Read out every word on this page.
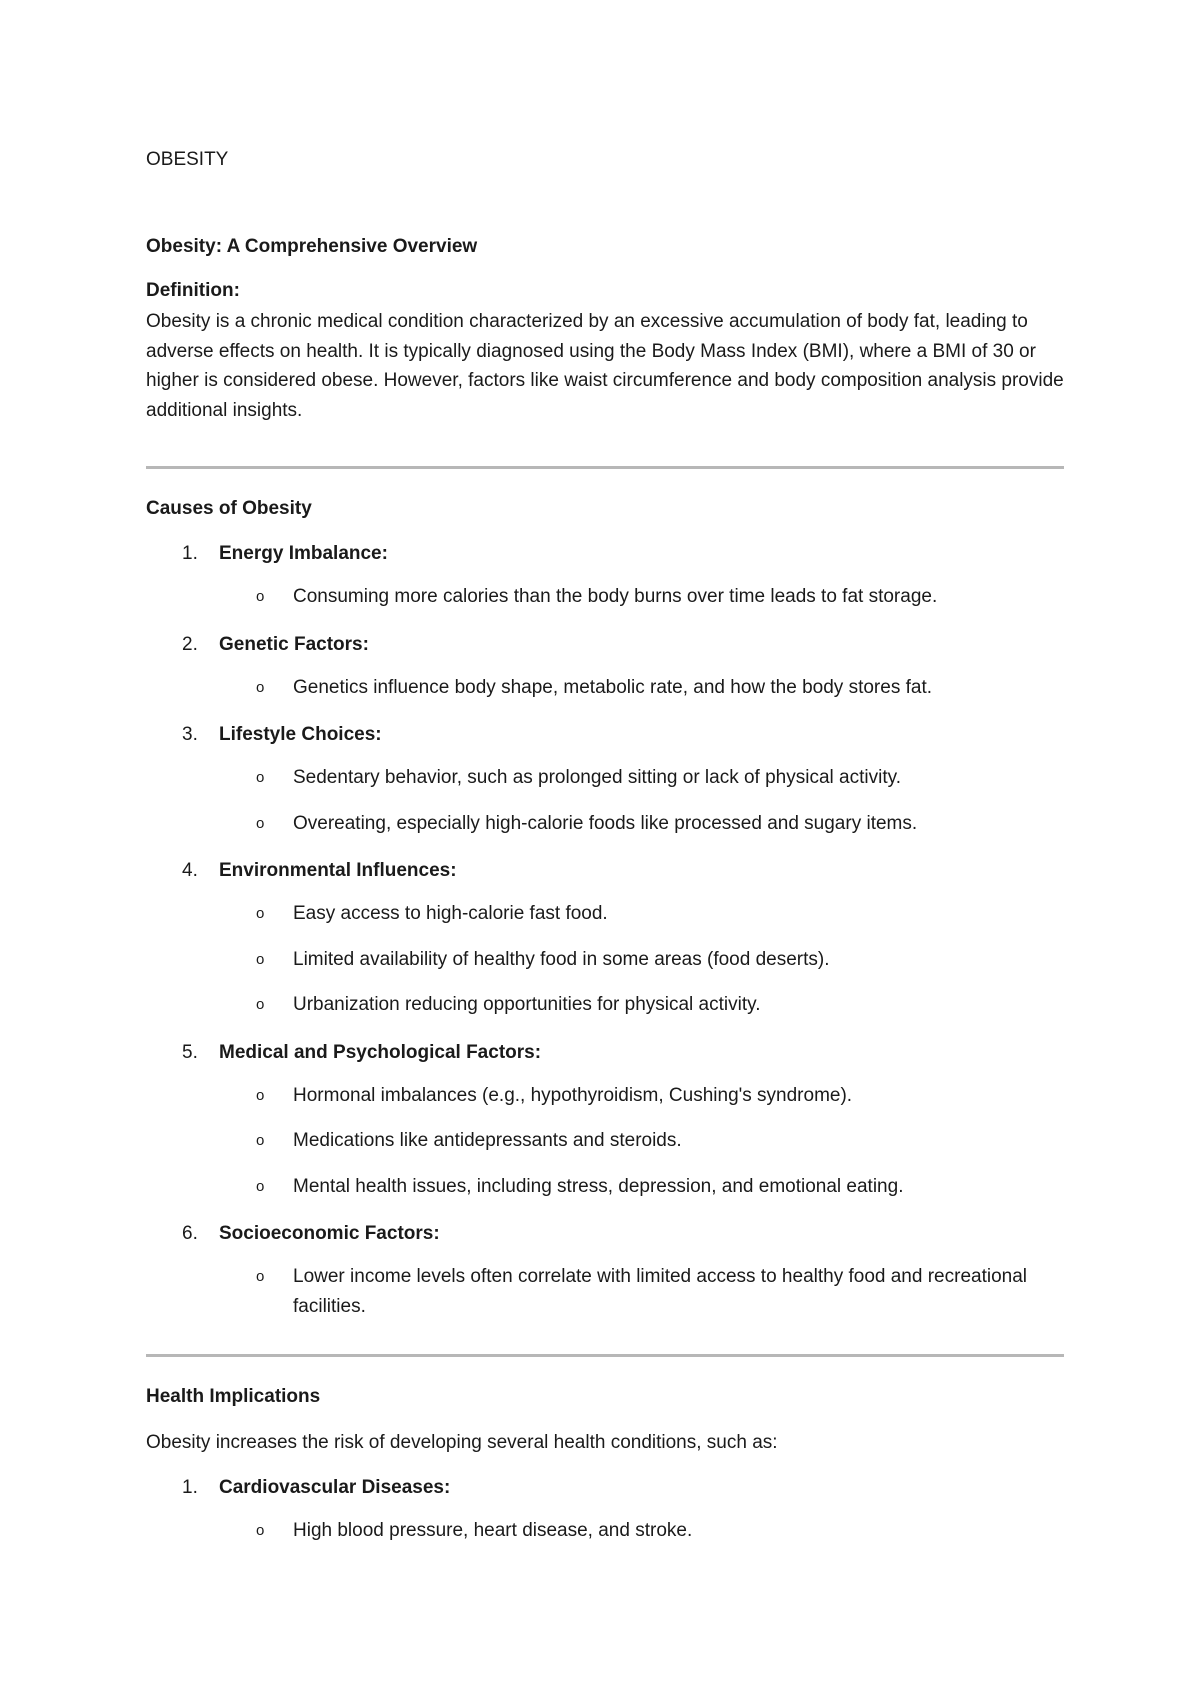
OBESITY

Obesity: A Comprehensive Overview

Definition:

Obesity is a chronic medical condition characterized by an excessive accumulation of body fat, leading to adverse effects on health. It is typically diagnosed using the Body Mass Index (BMI), where a BMI of 30 or higher is considered obese. However, factors like waist circumference and body composition analysis provide additional insights.

Causes of Obesity

1. Energy Imbalance:
o Consuming more calories than the body burns over time leads to fat storage.
2. Genetic Factors:
o Genetics influence body shape, metabolic rate, and how the body stores fat.
3. Lifestyle Choices:
o Sedentary behavior, such as prolonged sitting or lack of physical activity.
o Overeating, especially high-calorie foods like processed and sugary items.
4. Environmental Influences:
o Easy access to high-calorie fast food.
o Limited availability of healthy food in some areas (food deserts).
o Urbanization reducing opportunities for physical activity.
5. Medical and Psychological Factors:
o Hormonal imbalances (e.g., hypothyroidism, Cushing's syndrome).
o Medications like antidepressants and steroids.
o Mental health issues, including stress, depression, and emotional eating.
6. Socioeconomic Factors:
o Lower income levels often correlate with limited access to healthy food and recreational facilities.

Health Implications

Obesity increases the risk of developing several health conditions, such as:

1. Cardiovascular Diseases:
o High blood pressure, heart disease, and stroke.
